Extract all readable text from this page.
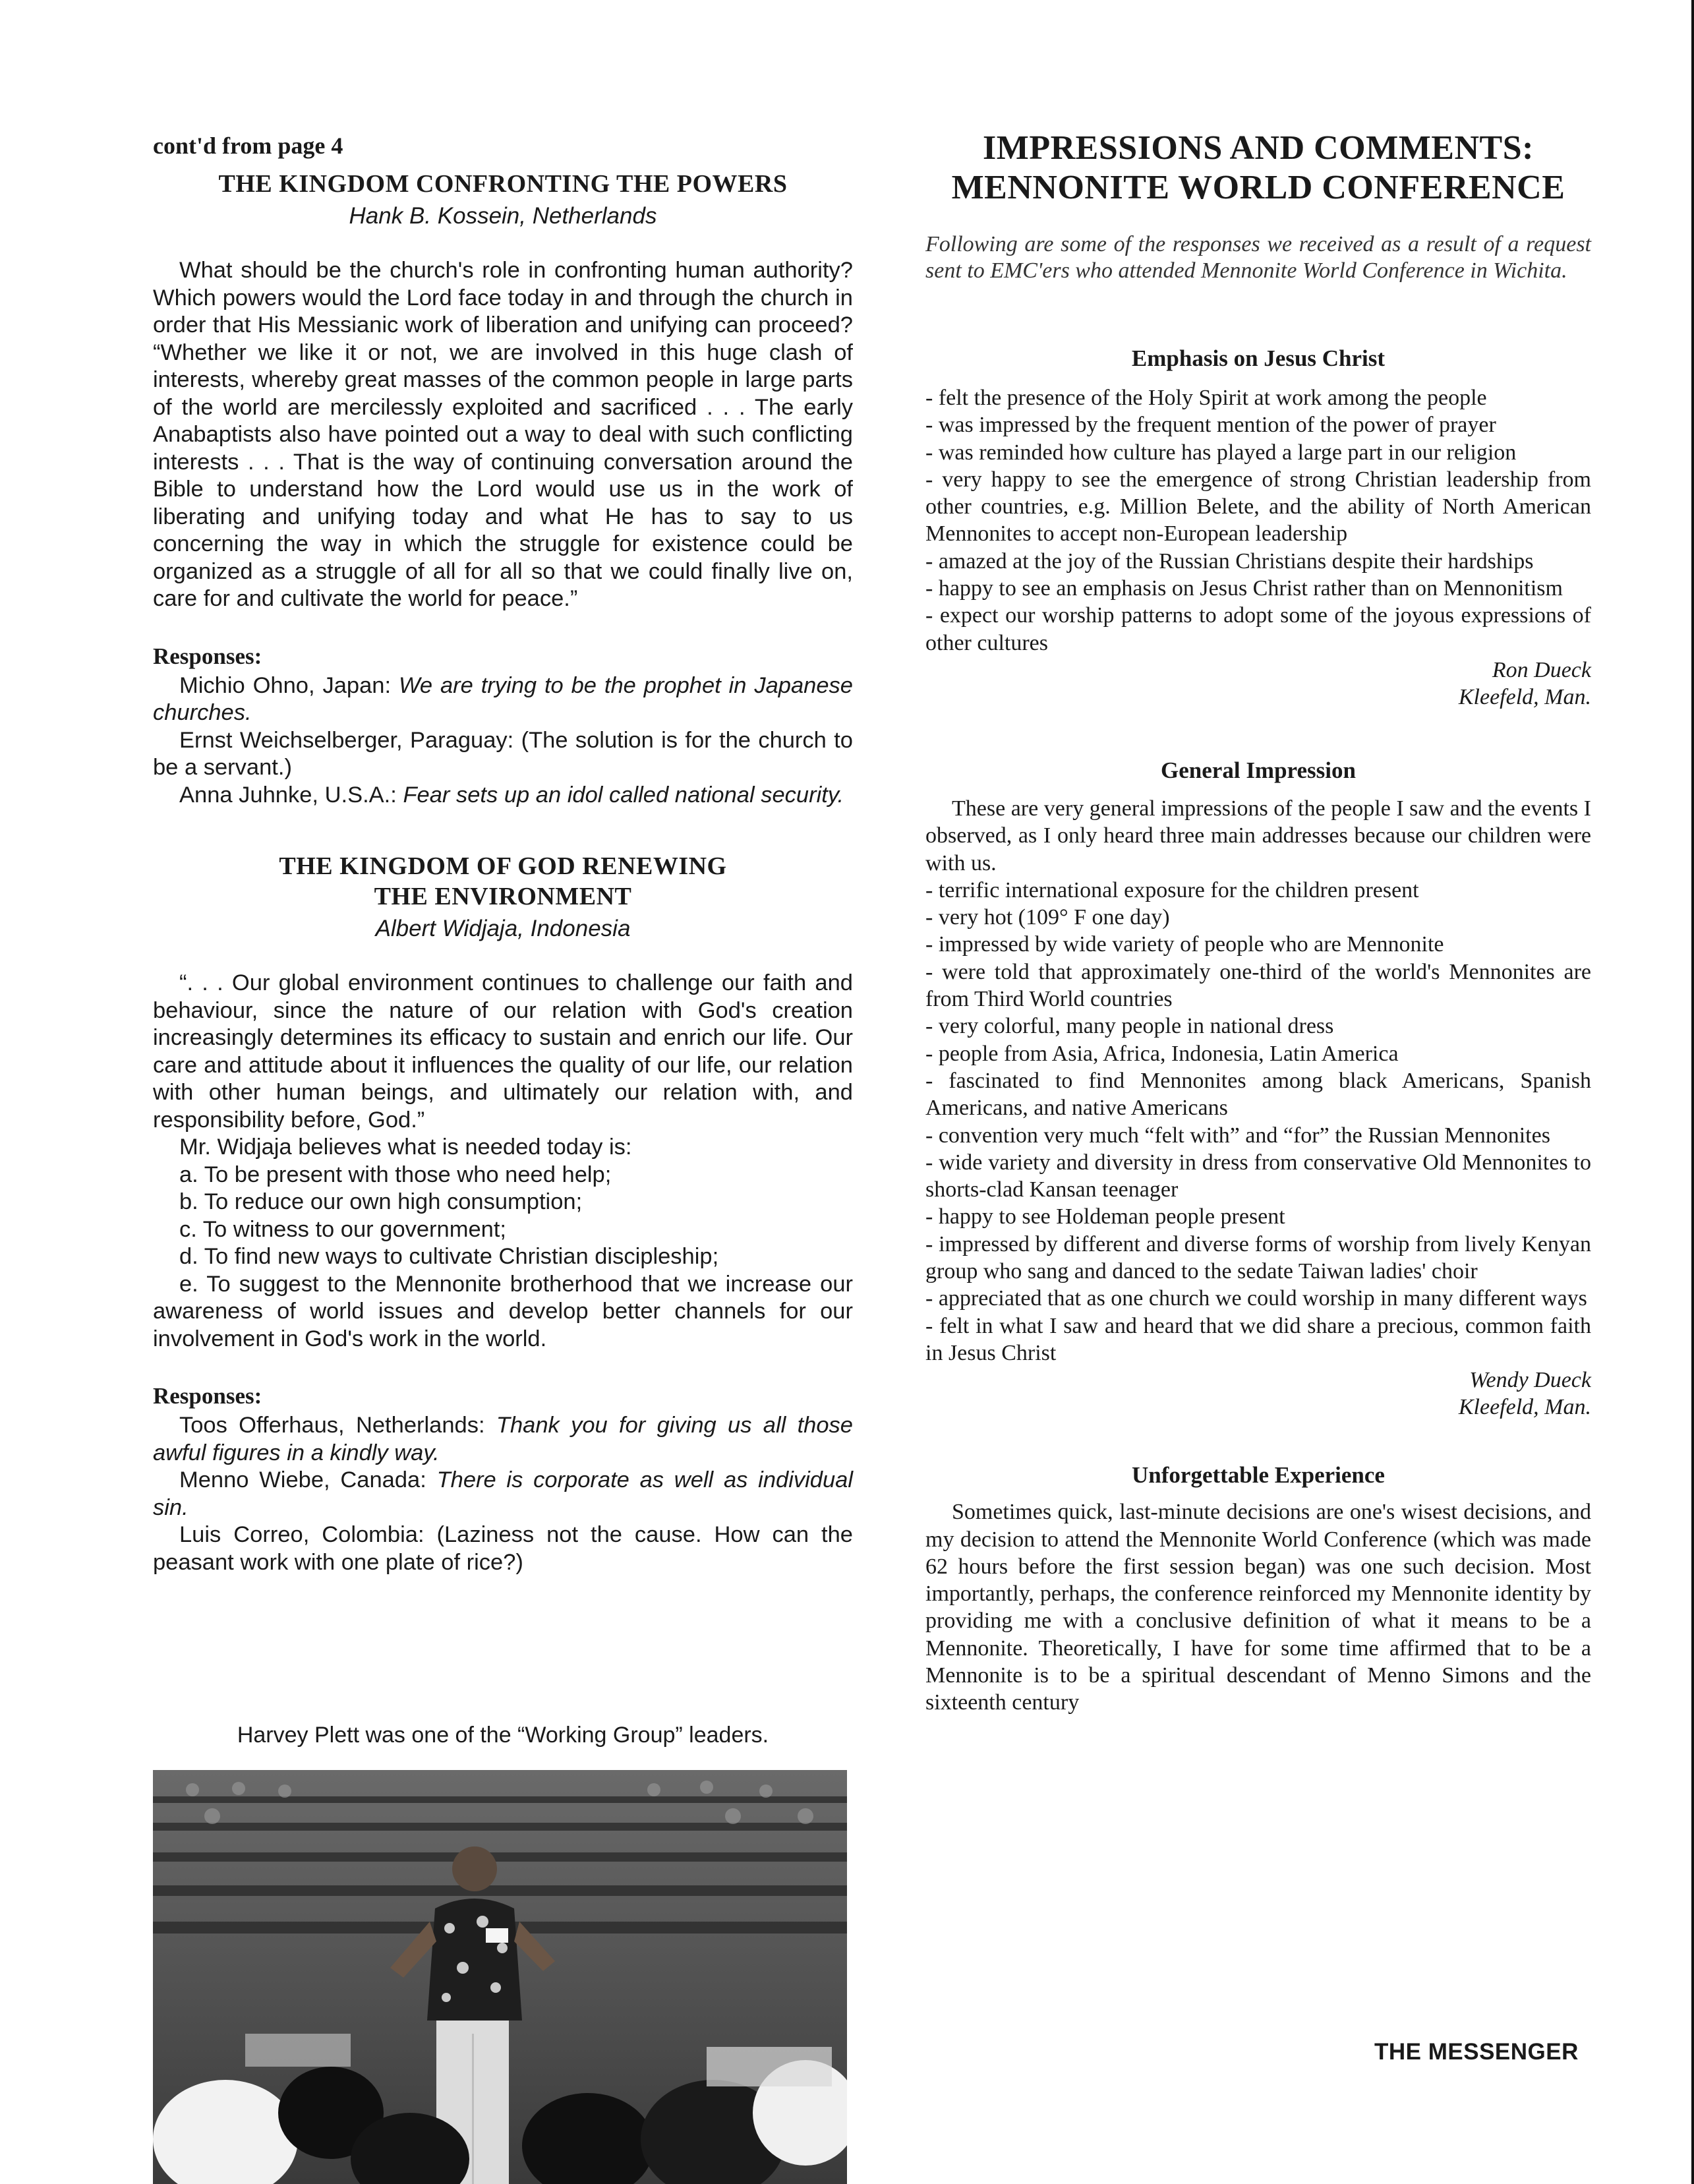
cont'd from page 4

THE KINGDOM CONFRONTING THE POWERS

Hank B. Kossein, Netherlands

What should be the church's role in confronting human authority? Which powers would the Lord face today in and through the church in order that His Messianic work of liberation and unifying can proceed? “Whether we like it or not, we are involved in this huge clash of interests, whereby great masses of the common people in large parts of the world are mercilessly exploited and sacrificed . . . The early Anabaptists also have pointed out a way to deal with such conflicting interests . . . That is the way of continuing conversation around the Bible to understand how the Lord would use us in the work of liberating and unifying today and what He has to say to us concerning the way in which the struggle for existence could be organized as a struggle of all for all so that we could finally live on, care for and cultivate the world for peace.”

Responses:

Michio Ohno, Japan: We are trying to be the prophet in Japanese churches.

Ernst Weichselberger, Paraguay: (The solution is for the church to be a servant.)

Anna Juhnke, U.S.A.: Fear sets up an idol called national security.

THE KINGDOM OF GOD RENEWING
THE ENVIRONMENT

Albert Widjaja, Indonesia

“. . . Our global environment continues to challenge our faith and behaviour, since the nature of our relation with God's creation increasingly determines its efficacy to sustain and enrich our life. Our care and attitude about it influences the quality of our life, our relation with other human beings, and ultimately our relation with, and responsibility before, God.”

Mr. Widjaja believes what is needed today is:

a. To be present with those who need help;

b. To reduce our own high consumption;

c. To witness to our government;

d. To find new ways to cultivate Christian discipleship;

e. To suggest to the Mennonite brotherhood that we increase our awareness of world issues and develop better channels for our involvement in God's work in the world.

Responses:

Toos Offerhaus, Netherlands: Thank you for giving us all those awful figures in a kindly way.

Menno Wiebe, Canada: There is corporate as well as individual sin.

Luis Correo, Colombia: (Laziness not the cause. How can the peasant work with one plate of rice?)

Harvey Plett was one of the “Working Group” leaders.

IMPRESSIONS AND COMMENTS:
MENNONITE WORLD CONFERENCE

Following are some of the responses we received as a result of a request sent to EMC'ers who attended Mennonite World Conference in Wichita.

Emphasis on Jesus Christ

- felt the presence of the Holy Spirit at work among the people

- was impressed by the frequent mention of the power of prayer

- was reminded how culture has played a large part in our religion

- very happy to see the emergence of strong Christian leadership from other countries, e.g. Million Belete, and the ability of North American Mennonites to accept non-European leadership

- amazed at the joy of the Russian Christians despite their hardships

- happy to see an emphasis on Jesus Christ rather than on Mennonitism

- expect our worship patterns to adopt some of the joyous expressions of other cultures

Ron Dueck

Kleefeld, Man.

General Impression

These are very general impressions of the people I saw and the events I observed, as I only heard three main addresses because our children were with us.

- terrific international exposure for the children present

- very hot (109° F one day)

- impressed by wide variety of people who are Mennonite

- were told that approximately one-third of the world's Mennonites are from Third World countries

- very colorful, many people in national dress

- people from Asia, Africa, Indonesia, Latin America

- fascinated to find Mennonites among black Americans, Spanish Americans, and native Americans

- convention very much “felt with” and “for” the Russian Mennonites

- wide variety and diversity in dress from conservative Old Mennonites to shorts-clad Kansan teenager

- happy to see Holdeman people present

- impressed by different and diverse forms of worship from lively Kenyan group who sang and danced to the sedate Taiwan ladies' choir

- appreciated that as one church we could worship in many different ways

- felt in what I saw and heard that we did share a precious, common faith in Jesus Christ

Wendy Dueck

Kleefeld, Man.

Unforgettable Experience

Sometimes quick, last-minute decisions are one's wisest decisions, and my decision to attend the Mennonite World Conference (which was made 62 hours before the first session began) was one such decision. Most importantly, perhaps, the conference reinforced my Mennonite identity by providing me with a conclusive definition of what it means to be a Mennonite. Theoretically, I have for some time affirmed that to be a Mennonite is to be a spiritual descendant of Menno Simons and the sixteenth century

THE MESSENGER
